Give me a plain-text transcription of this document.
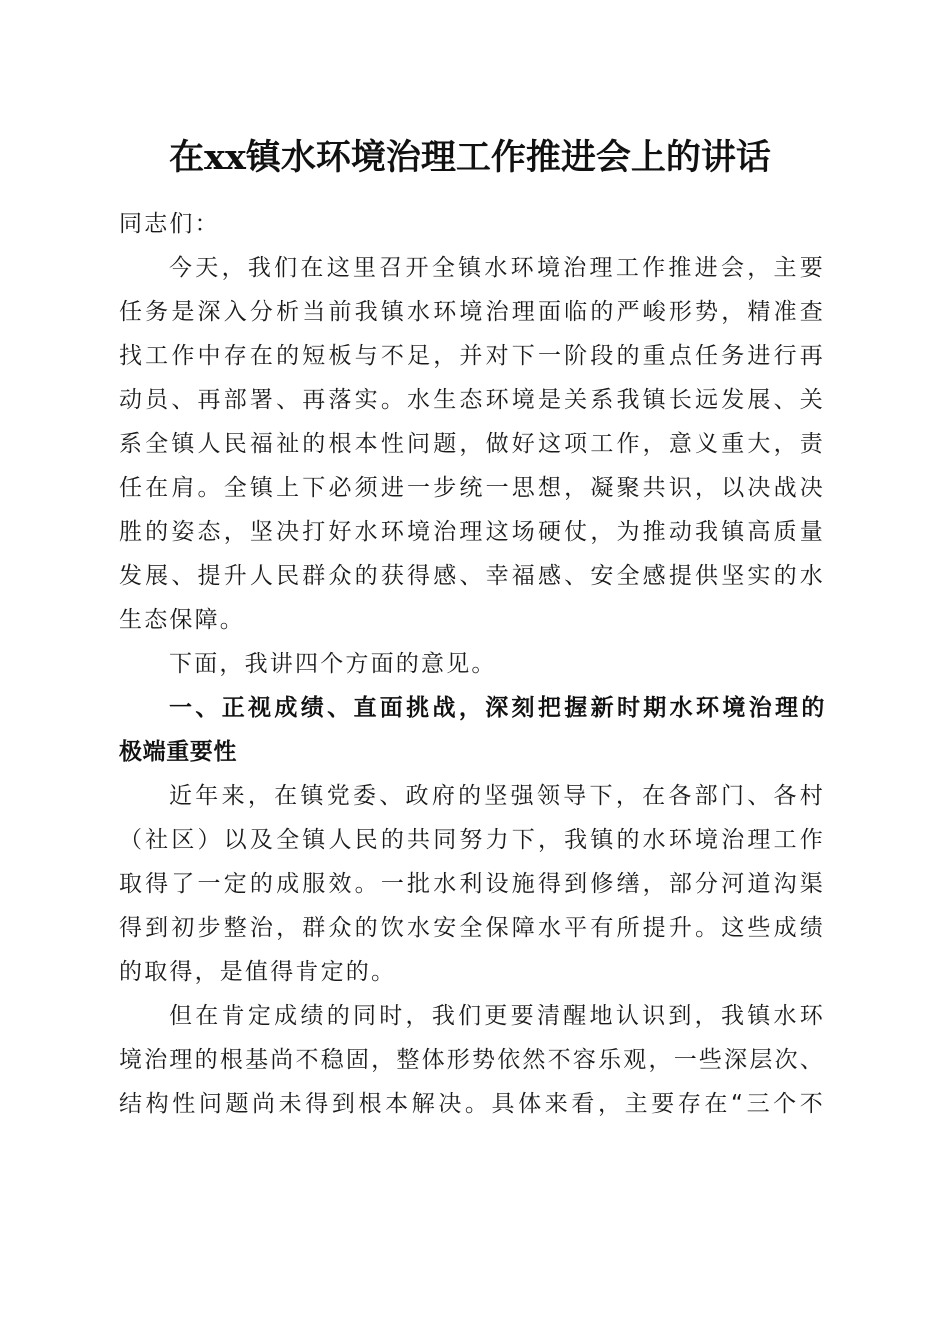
在xx镇水环境治理工作推进会上的讲话
同志们：
今天，我们在这里召开全镇水环境治理工作推进会，主要
任务是深入分析当前我镇水环境治理面临的严峻形势，精准查
找工作中存在的短板与不足，并对下一阶段的重点任务进行再
动员、再部署、再落实。水生态环境是关系我镇长远发展、关
系全镇人民福祉的根本性问题，做好这项工作，意义重大，责
任在肩。全镇上下必须进一步统一思想，凝聚共识，以决战决
胜的姿态，坚决打好水环境治理这场硬仗，为推动我镇高质量
发展、提升人民群众的获得感、幸福感、安全感提供坚实的水
生态保障。
下面，我讲四个方面的意见。
一、正视成绩、直面挑战，深刻把握新时期水环境治理的
极端重要性
近年来，在镇党委、政府的坚强领导下，在各部门、各村
（社区）以及全镇人民的共同努力下，我镇的水环境治理工作
取得了一定的成服效。一批水利设施得到修缮，部分河道沟渠
得到初步整治，群众的饮水安全保障水平有所提升。这些成绩
的取得，是值得肯定的。
但在肯定成绩的同时，我们更要清醒地认识到，我镇水环
境治理的根基尚不稳固，整体形势依然不容乐观，一些深层次、
结构性问题尚未得到根本解决。具体来看，主要存在“三个不
